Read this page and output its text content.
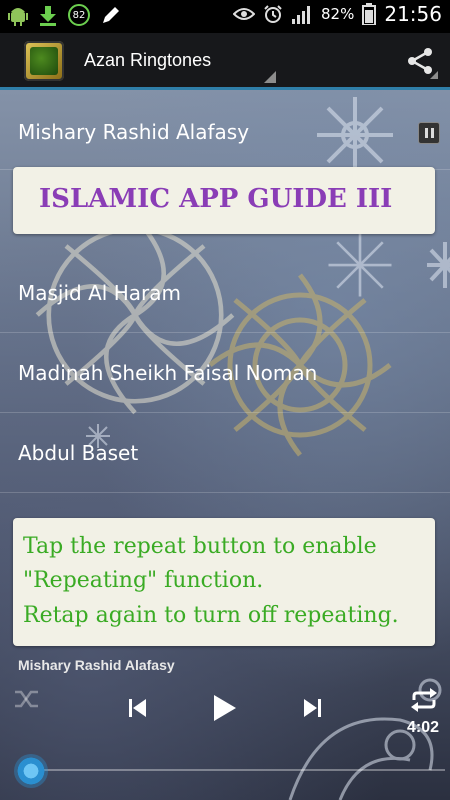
82	82% 21:56
Azan Ringtones
Mishary Rashid Alafasy
ISLAMIC APP GUIDE III
Masjid Al Haram
Madinah Sheikh Faisal Noman
Abdul Baset
Tap the repeat button to enable
"Repeating" function.
Retap again to turn off repeating.
Mishary Rashid Alafasy
4:02
